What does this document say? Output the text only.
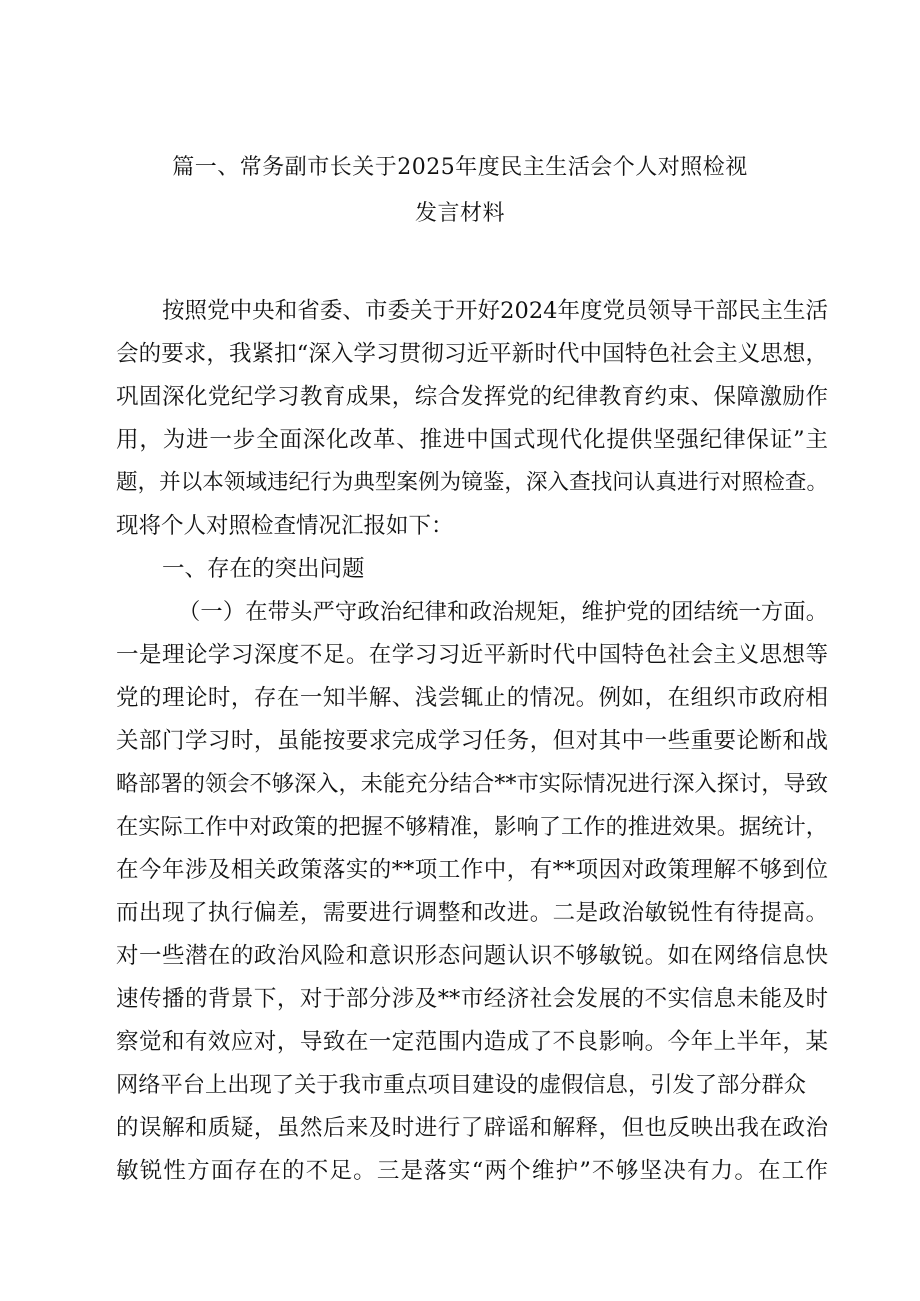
篇一、常务副市长关于2025年度民主生活会个人对照检视
发言材料
按照党中央和省委、市委关于开好2024年度党员领导干部民主生活
会的要求，我紧扣“深入学习贯彻习近平新时代中国特色社会主义思想，
巩固深化党纪学习教育成果，综合发挥党的纪律教育约束、保障激励作
用，为进一步全面深化改革、推进中国式现代化提供坚强纪律保证”主
题，并以本领域违纪行为典型案例为镜鉴，深入查找问认真进行对照检查。
现将个人对照检查情况汇报如下：
一、存在的突出问题
（一）在带头严守政治纪律和政治规矩，维护党的团结统一方面。
一是理论学习深度不足。在学习习近平新时代中国特色社会主义思想等
党的理论时，存在一知半解、浅尝辄止的情况。例如，在组织市政府相
关部门学习时，虽能按要求完成学习任务，但对其中一些重要论断和战
略部署的领会不够深入，未能充分结合**市实际情况进行深入探讨，导致
在实际工作中对政策的把握不够精准，影响了工作的推进效果。据统计，
在今年涉及相关政策落实的**项工作中，有**项因对政策理解不够到位
而出现了执行偏差，需要进行调整和改进。二是政治敏锐性有待提高。
对一些潜在的政治风险和意识形态问题认识不够敏锐。如在网络信息快
速传播的背景下，对于部分涉及**市经济社会发展的不实信息未能及时
察觉和有效应对，导致在一定范围内造成了不良影响。今年上半年，某
网络平台上出现了关于我市重点项目建设的虚假信息，引发了部分群众
的误解和质疑，虽然后来及时进行了辟谣和解释，但也反映出我在政治
敏锐性方面存在的不足。三是落实“两个维护”不够坚决有力。在工作
